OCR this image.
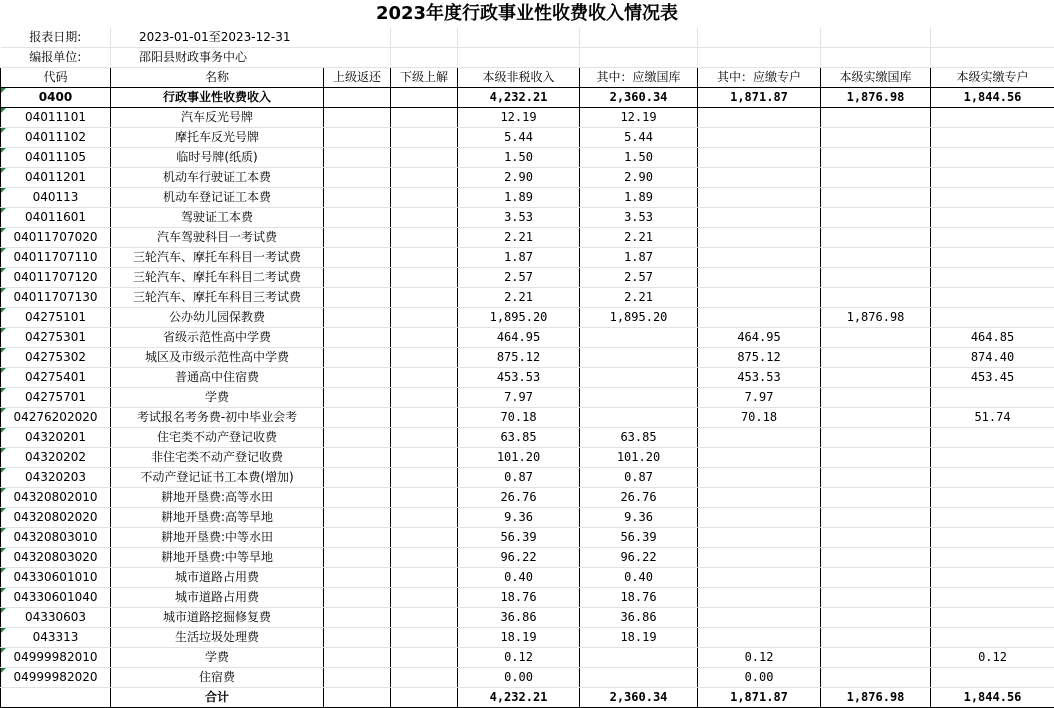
2023年度行政事业性收费收入情况表
报表日期:	2023-01-01至2023-12-31							
编报单位:	邵阳县财政事务中心							
代码	名称	上级返还	下级上解	本级非税收入	其中：应缴国库	其中：应缴专户	本级实缴国库	本级实缴专户
0400	行政事业性收费收入			4,232.21	2,360.34	1,871.87	1,876.98	1,844.56
04011101	汽车反光号牌			12.19	12.19			
04011102	摩托车反光号牌			5.44	5.44			
04011105	临时号牌(纸质)			1.50	1.50			
04011201	机动车行驶证工本费			2.90	2.90			
040113	机动车登记证工本费			1.89	1.89			
04011601	驾驶证工本费			3.53	3.53			
04011707020	汽车驾驶科目一考试费			2.21	2.21			
04011707110	三轮汽车、摩托车科目一考试费			1.87	1.87			
04011707120	三轮汽车、摩托车科目二考试费			2.57	2.57			
04011707130	三轮汽车、摩托车科目三考试费			2.21	2.21			
04275101	公办幼儿园保教费			1,895.20	1,895.20		1,876.98	
04275301	省级示范性高中学费			464.95		464.95		464.85
04275302	城区及市级示范性高中学费			875.12		875.12		874.40
04275401	普通高中住宿费			453.53		453.53		453.45
04275701	学费			7.97		7.97		
04276202020	考试报名考务费-初中毕业会考			70.18		70.18		51.74
04320201	住宅类不动产登记收费			63.85	63.85			
04320202	非住宅类不动产登记收费			101.20	101.20			
04320203	不动产登记证书工本费(增加)			0.87	0.87			
04320802010	耕地开垦费:高等水田			26.76	26.76			
04320802020	耕地开垦费:高等旱地			9.36	9.36			
04320803010	耕地开垦费:中等水田			56.39	56.39			
04320803020	耕地开垦费:中等旱地			96.22	96.22			
04330601010	城市道路占用费			0.40	0.40			
04330601040	城市道路占用费			18.76	18.76			
04330603	城市道路挖掘修复费			36.86	36.86			
043313	生活垃圾处理费			18.19	18.19			
04999982010	学费			0.12		0.12		0.12
04999982020	住宿费			0.00		0.00		
	合计			4,232.21	2,360.34	1,871.87	1,876.98	1,844.56
